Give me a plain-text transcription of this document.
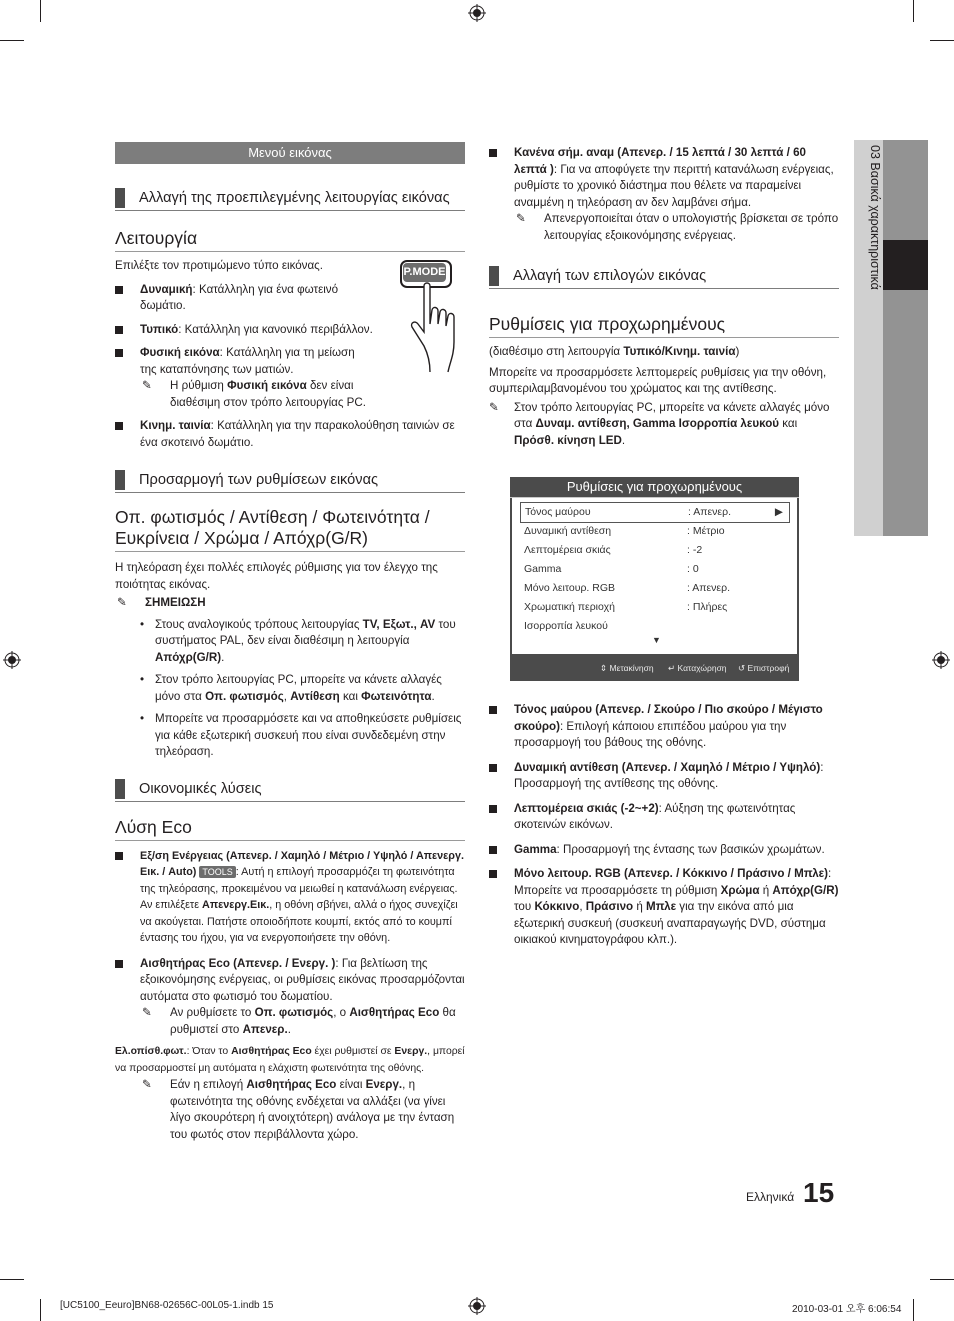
03 Βασικά χαρακτηριστικά
Μενού εικόνας
Αλλαγή της προεπιλεγμένης λειτουργίας εικόνας
Λειτουργία
Επιλέξτε τον προτιμώμενο τύπο εικόνας.
Δυναμική: Κατάλληλη για ένα φωτεινό δωμάτιο.
Τυπικό: Κατάλληλη για κανονικό περιβάλλον.
Φυσική εικόνα: Κατάλληλη για τη μείωση της καταπόνησης των ματιών.
✎ Η ρύθμιση Φυσική εικόνα δεν είναι διαθέσιμη στον τρόπο λειτουργίας PC.
Κινημ. ταινία: Κατάλληλη για την παρακολούθηση ταινιών σε ένα σκοτεινό δωμάτιο.
P.MODE
Προσαρμογή των ρυθμίσεων εικόνας
Οπ. φωτισμός / Αντίθεση / Φωτεινότητα /
Ευκρίνεια / Χρώμα / Απόχρ(G/R)
Η τηλεόραση έχει πολλές επιλογές ρύθμισης για τον έλεγχο της ποιότητας εικόνας.
✎ ΣΗΜΕΙΩΣΗ
• Στους αναλογικούς τρόπους λειτουργίας TV, Εξωτ., AV του συστήματος PAL, δεν είναι διαθέσιμη η λειτουργία Απόχρ(G/R).
• Στον τρόπο λειτουργίας PC, μπορείτε να κάνετε αλλαγές μόνο στα Οπ. φωτισμός, Αντίθεση και Φωτεινότητα.
• Μπορείτε να προσαρμόσετε και να αποθηκεύσετε ρυθμίσεις για κάθε εξωτερική συσκευή που είναι συνδεδεμένη στην τηλεόραση.
Οικονομικές λύσεις
Λύση Eco
Εξ/ση Ενέργειας (Απενερ. / Χαμηλό / Μέτριο / Υψηλό / Απενεργ. Εικ. / Auto) TOOLS : Αυτή η επιλογή προσαρμόζει τη φωτεινότητα της τηλεόρασης, προκειμένου να μειωθεί η κατανάλωση ενέργειας. Αν επιλέξετε Απενεργ.Εικ., η οθόνη σβήνει, αλλά ο ήχος συνεχίζει να ακούγεται. Πατήστε οποιοδήποτε κουμπί, εκτός από το κουμπί έντασης του ήχου, για να ενεργοποιήσετε την οθόνη.
Αισθητήρας Eco (Απενερ. / Ενεργ. ): Για βελτίωση της εξοικονόμησης ενέργειας, οι ρυθμίσεις εικόνας προσαρμόζονται αυτόματα στο φωτισμό του δωματίου.
✎ Αν ρυθμίσετε το Οπ. φωτισμός, ο Αισθητήρας Eco θα ρυθμιστεί στο Απενερ..
Ελ.οπίσθ.φωτ.: Όταν το Αισθητήρας Eco έχει ρυθμιστεί σε Ενεργ., μπορεί να προσαρμοστεί μη αυτόματα η ελάχιστη φωτεινότητα της οθόνης.
✎ Εάν η επιλογή Αισθητήρας Eco είναι Ενεργ., η φωτεινότητα της οθόνης ενδέχεται να αλλάξει (να γίνει λίγο σκουρότερη ή ανοιχτότερη) ανάλογα με την ένταση του φωτός στον περιβάλλοντα χώρο.
Κανένα σήμ. αναμ (Απενερ. / 15 λεπτά / 30 λεπτά / 60 λεπτά ): Για να αποφύγετε την περιττή κατανάλωση ενέργειας, ρυθμίστε το χρονικό διάστημα που θέλετε να παραμείνει αναμμένη η τηλεόραση αν δεν λαμβάνει σήμα.
✎ Απενεργοποιείται όταν ο υπολογιστής βρίσκεται σε τρόπο λειτουργίας εξοικονόμησης ενέργειας.
Αλλαγή των επιλογών εικόνας
Ρυθμίσεις για προχωρημένους
(διαθέσιμο στη λειτουργία Τυπικό/Κινημ. ταινία)
Μπορείτε να προσαρμόσετε λεπτομερείς ρυθμίσεις για την οθόνη, συμπεριλαμβανομένου του χρώματος και της αντίθεσης.
✎ Στον τρόπο λειτουργίας PC, μπορείτε να κάνετε αλλαγές μόνο στα Δυναμ. αντίθεση, Gamma Ισορροπία λευκού και Πρόσθ. κίνηση LED.
Ρυθμίσεις για προχωρημένους
Τόνος μαύρου	: Απενερ.	▶
Δυναμική αντίθεση	: Μέτριο
Λεπτομέρεια σκιάς	: -2
Gamma	: 0
Μόνο λειτουρ. RGB	: Απενερ.
Χρωματική περιοχή	: Πλήρες
Ισορροπία λευκού
▼
⇕ Μετακίνηση ↵ Καταχώρηση ↺ Επιστροφή
Τόνος μαύρου (Απενερ. / Σκούρο / Πιο σκούρο / Μέγιστο σκούρο): Επιλογή κάποιου επιπέδου μαύρου για την προσαρμογή του βάθους της οθόνης.
Δυναμική αντίθεση (Απενερ. / Χαμηλό / Μέτριο / Υψηλό): Προσαρμογή της αντίθεσης της οθόνης.
Λεπτομέρεια σκιάς (-2~+2): Αύξηση της φωτεινότητας σκοτεινών εικόνων.
Gamma: Προσαρμογή της έντασης των βασικών χρωμάτων.
Μόνο λειτουρ. RGB (Απενερ. / Κόκκινο / Πράσινο / Μπλε): Μπορείτε να προσαρμόσετε τη ρύθμιση Χρώμα ή Απόχρ(G/R) του Κόκκινο, Πράσινο ή Μπλε για την εικόνα από μια εξωτερική συσκευή (συσκευή αναπαραγωγής DVD, σύστημα οικιακού κινηματογράφου κλπ.).
Ελληνικά 15
[UC5100_Eeuro]BN68-02656C-00L05-1.indb 15	2010-03-01 오후 6:06:54
